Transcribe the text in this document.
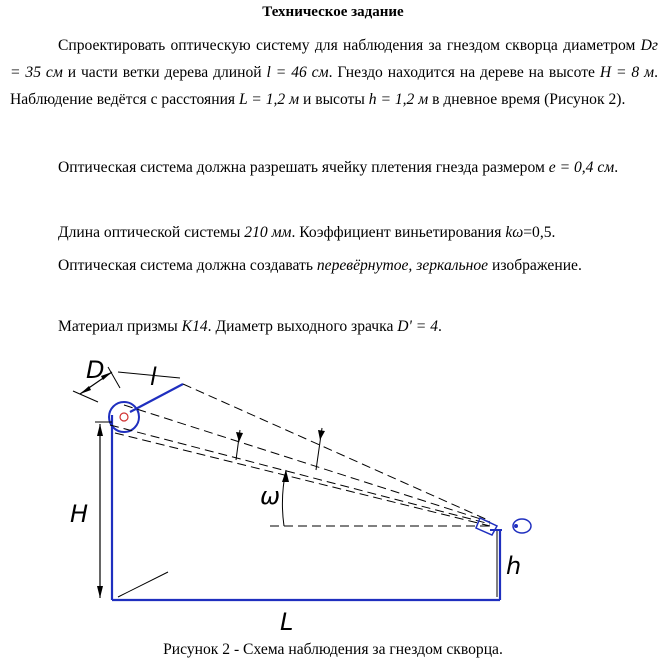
Техническое задание
Спроектировать оптическую систему для наблюдения за гнездом скворца диаметром Dг = 35 см и части ветки дерева длиной l = 46 см. Гнездо находится на дереве на высоте H = 8 м. Наблюдение ведётся с расстояния L = 1,2 м и высоты h = 1,2 м в дневное время (Рисунок 2).
Оптическая система должна разрешать ячейку плетения гнезда размером e = 0,4 см.
Длина оптической системы 210 мм. Коэффициент виньетирования kω=0,5.
Оптическая система должна создавать перевёрнутое, зеркальное изображение.
Материал призмы K14. Диаметр выходного зрачка D' = 4.
D l
H
ω
h
L
Рисунок 2 - Схема наблюдения за гнездом скворца.
